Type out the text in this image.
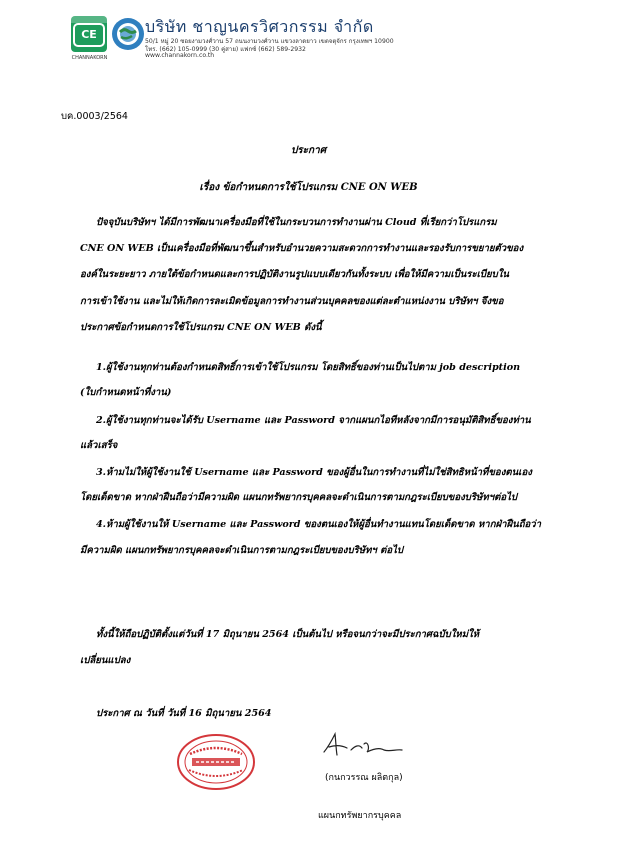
CE
CHANNAKORN
บริษัท ชาญนครวิศวกรรม จำกัด
50/1 หมู่ 20 ซอยงามวงศ์วาน 57 ถนนงามวงศ์วาน แขวงลาดยาว เขตจตุจักร กรุงเทพฯ 10900
โทร. (662) 105-0999 (30 คู่สาย) แฟกซ์ (662) 589-2932
www.channakorn.co.th
บค.0003/2564
ประกาศ
เรื่อง ข้อกำหนดการใช้โปรแกรม CNE ON WEB
ปัจจุบันบริษัทฯ ได้มีการพัฒนาเครื่องมือที่ใช้ในกระบวนการทำงานผ่าน Cloud ที่เรียกว่าโปรแกรม
CNE ON WEB เป็นเครื่องมือที่พัฒนาขึ้นสำหรับอำนวยความสะดวกการทำงานและรองรับการขยายตัวของ
องค์ในระยะยาว ภายใต้ข้อกำหนดและการปฏิบัติงานรูปแบบเดียวกันทั้งระบบ เพื่อให้มีความเป็นระเบียบใน
การเข้าใช้งาน และไม่ให้เกิดการละเมิดข้อมูลการทำงานส่วนบุคคลของแต่ละตำแหน่งงาน บริษัทฯ จึงขอ
ประกาศข้อกำหนดการใช้โปรแกรม CNE ON WEB ดังนี้
1.ผู้ใช้งานทุกท่านต้องกำหนดสิทธิ์การเข้าใช้โปรแกรม โดยสิทธิ์ของท่านเป็นไปตาม job description
(ใบกำหนดหน้าที่งาน)
2.ผู้ใช้งานทุกท่านจะได้รับ Username และ Password จากแผนกไอทีหลังจากมีการอนุมัติสิทธิ์ของท่าน
แล้วเสร็จ
3.ห้ามไม่ให้ผู้ใช้งานใช้ Username และ Password ของผู้อื่นในการทำงานที่ไม่ใช่สิทธิหน้าที่ของตนเอง
โดยเด็ดขาด หากฝ่าฝืนถือว่ามีความผิด แผนกทรัพยากรบุคคลจะดำเนินการตามกฎระเบียบของบริษัทฯต่อไป
4.ห้ามผู้ใช้งานให้ Username และ Password ของตนเองให้ผู้อื่นทำงานแทนโดยเด็ดขาด หากฝ่าฝืนถือว่า
มีความผิด แผนกทรัพยากรบุคคลจะดำเนินการตามกฎระเบียบของบริษัทฯ ต่อไป
ทั้งนี้ให้ถือปฏิบัติตั้งแต่วันที่ 17 มิถุนายน 2564 เป็นต้นไป หรือจนกว่าจะมีประกาศฉบับใหม่ให้
เปลี่ยนแปลง
ประกาศ ณ วันที่ วันที่ 16 มิถุนายน 2564
(กนกวรรณ ผลิตกุล)
แผนกทรัพยากรบุคคล
